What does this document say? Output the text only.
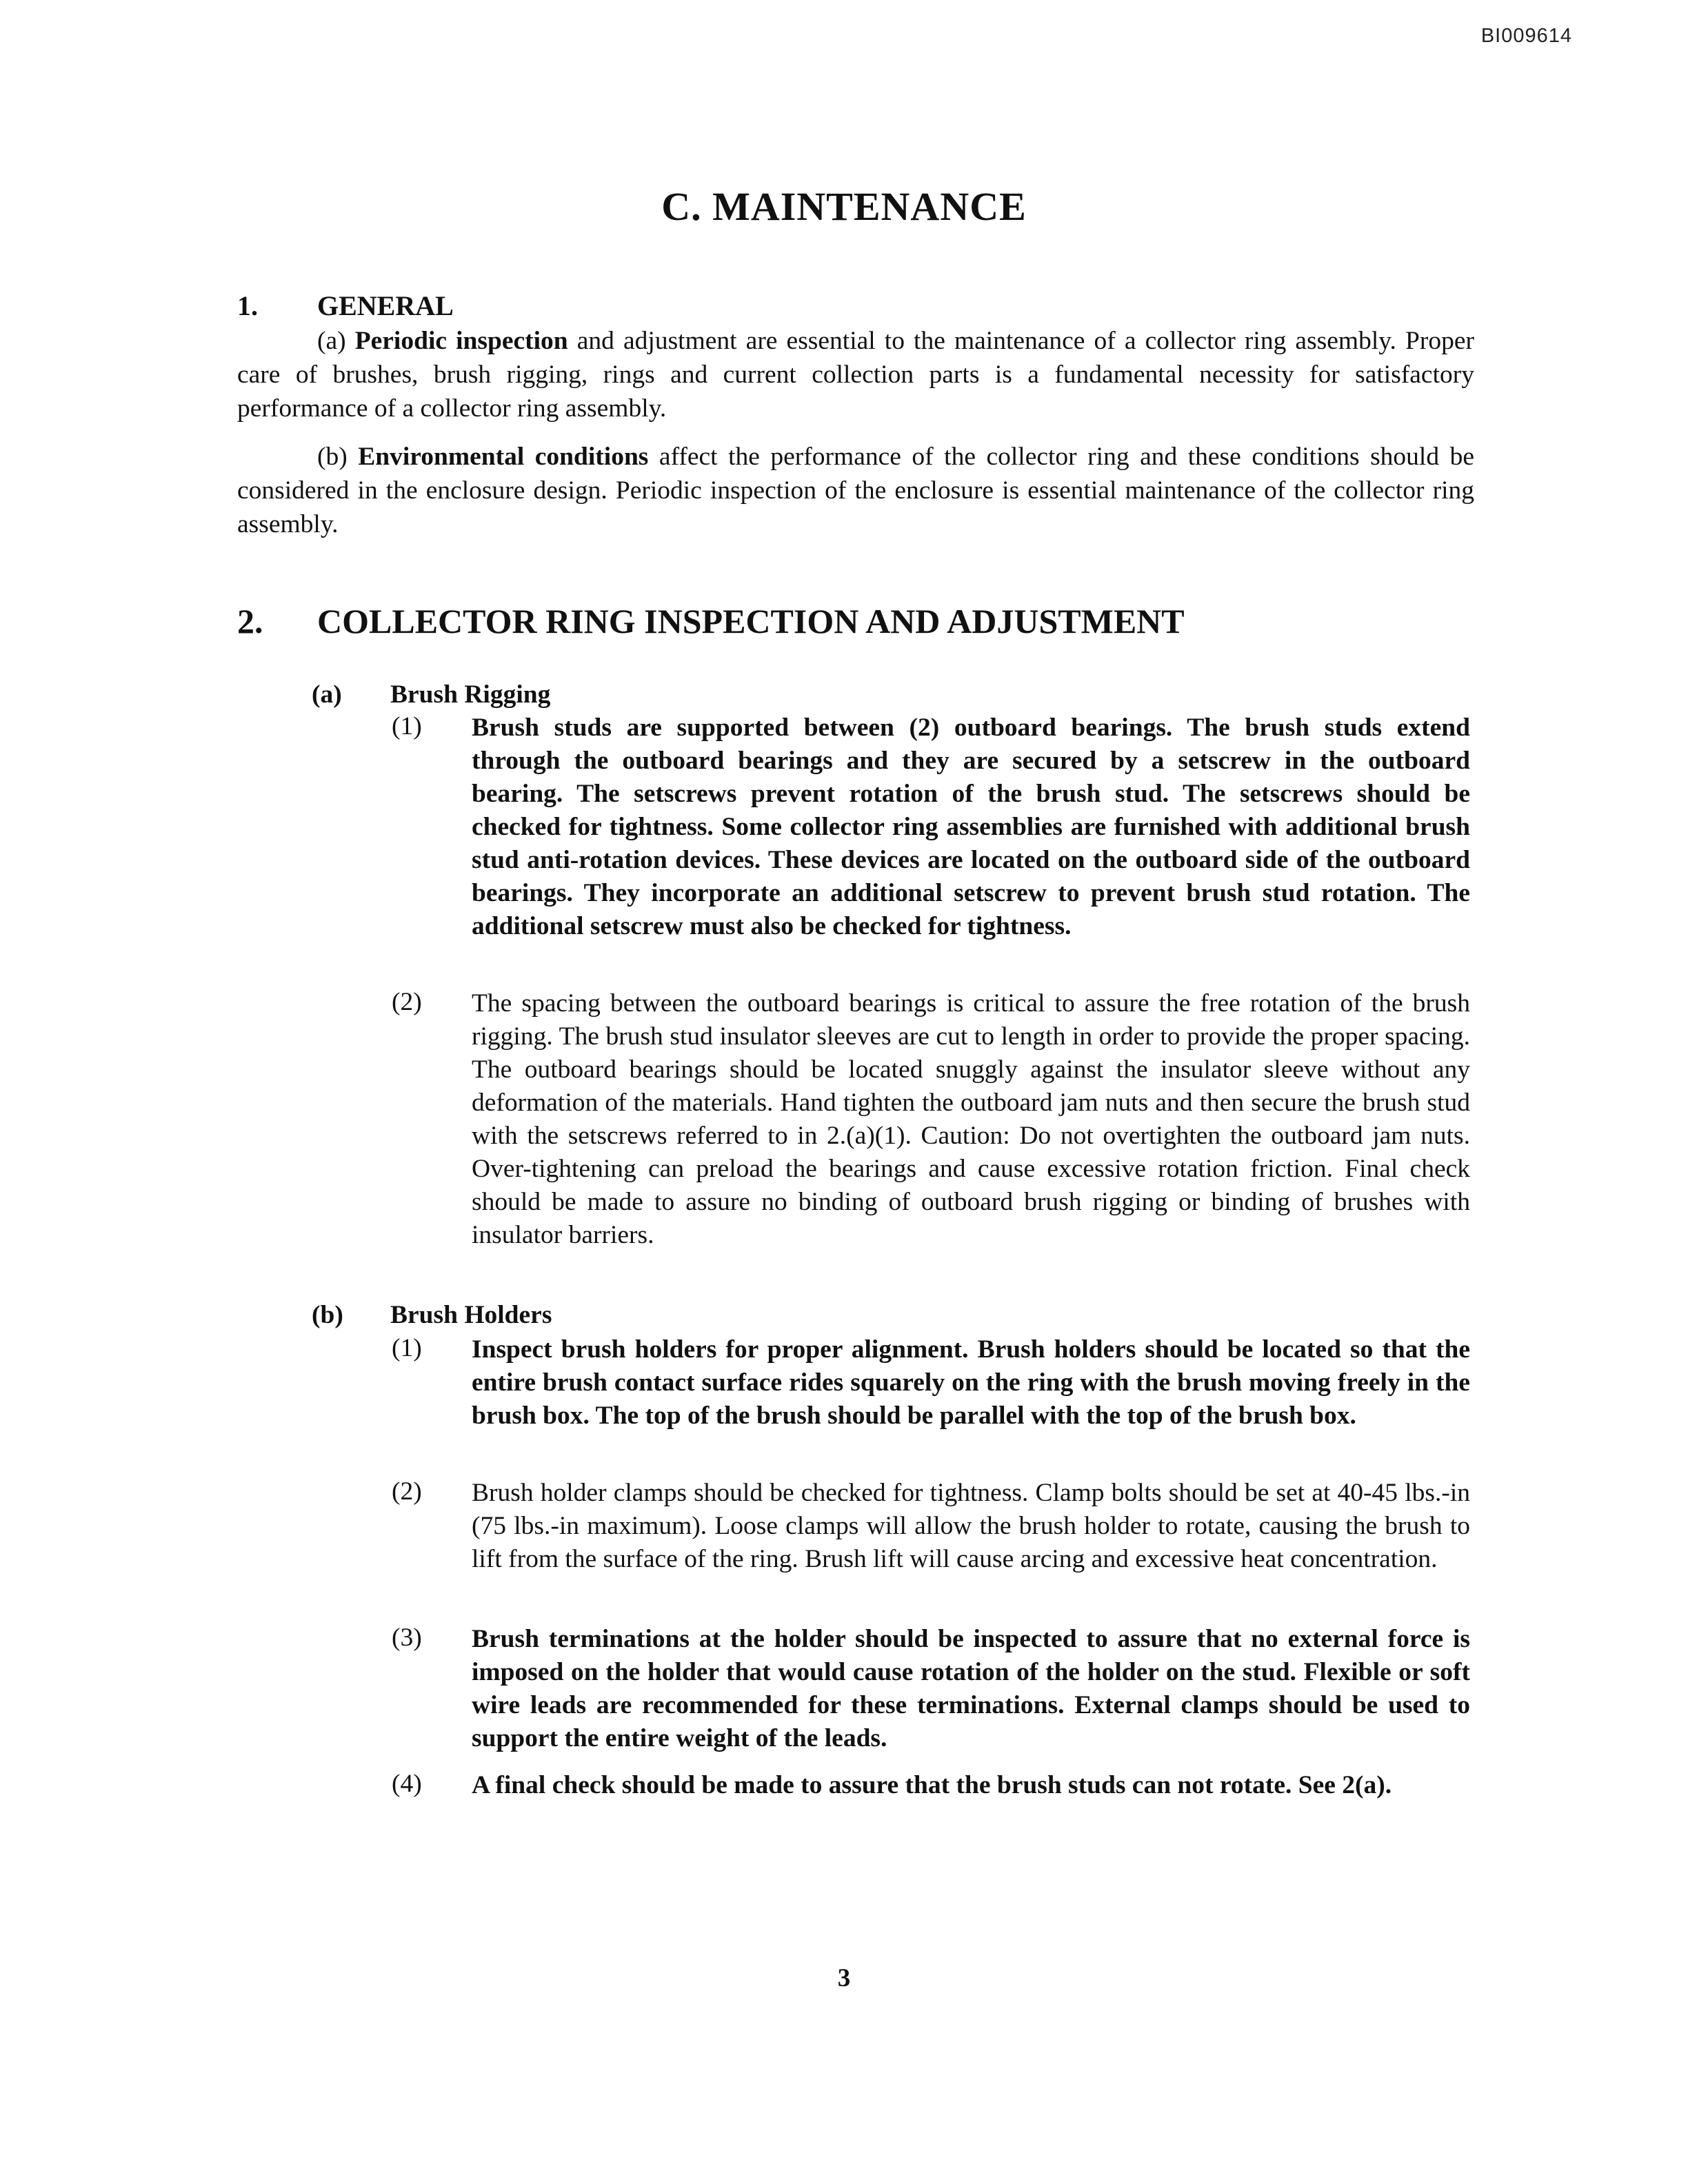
BI009614
C. MAINTENANCE
1. GENERAL

(a) Periodic inspection and adjustment are essential to the maintenance of a collector ring assembly. Proper care of brushes, brush rigging, rings and current collection parts is a fundamental necessity for satisfactory performance of a collector ring assembly.

(b) Environmental conditions affect the performance of the collector ring and these conditions should be considered in the enclosure design. Periodic inspection of the enclosure is essential maintenance of the collector ring assembly.

2. COLLECTOR RING INSPECTION AND ADJUSTMENT
(a) Brush Rigging
(1) Brush studs are supported between (2) outboard bearings. The brush studs extend through the outboard bearings and they are secured by a setscrew in the outboard bearing. The setscrews prevent rotation of the brush stud. The setscrews should be checked for tightness. Some collector ring assemblies are furnished with additional brush stud anti-rotation devices. These devices are located on the outboard side of the outboard bearings. They incorporate an additional setscrew to prevent brush stud rotation. The additional setscrew must also be checked for tightness.

(2) The spacing between the outboard bearings is critical to assure the free rotation of the brush rigging. The brush stud insulator sleeves are cut to length in order to provide the proper spacing. The outboard bearings should be located snuggly against the insulator sleeve without any deformation of the materials. Hand tighten the outboard jam nuts and then secure the brush stud with the setscrews referred to in 2.(a)(1). Caution: Do not overtighten the outboard jam nuts. Over-tightening can preload the bearings and cause excessive rotation friction. Final check should be made to assure no binding of outboard brush rigging or binding of brushes with insulator barriers.

(b) Brush Holders
(1) Inspect brush holders for proper alignment. Brush holders should be located so that the entire brush contact surface rides squarely on the ring with the brush moving freely in the brush box. The top of the brush should be parallel with the top of the brush box.

(2) Brush holder clamps should be checked for tightness. Clamp bolts should be set at 40-45 lbs.-in (75 lbs.-in maximum). Loose clamps will allow the brush holder to rotate, causing the brush to lift from the surface of the ring. Brush lift will cause arcing and excessive heat concentration.

(3) Brush terminations at the holder should be inspected to assure that no external force is imposed on the holder that would cause rotation of the holder on the stud. Flexible or soft wire leads are recommended for these terminations. External clamps should be used to support the entire weight of the leads.

(4) A final check should be made to assure that the brush studs can not rotate. See 2(a).

3
